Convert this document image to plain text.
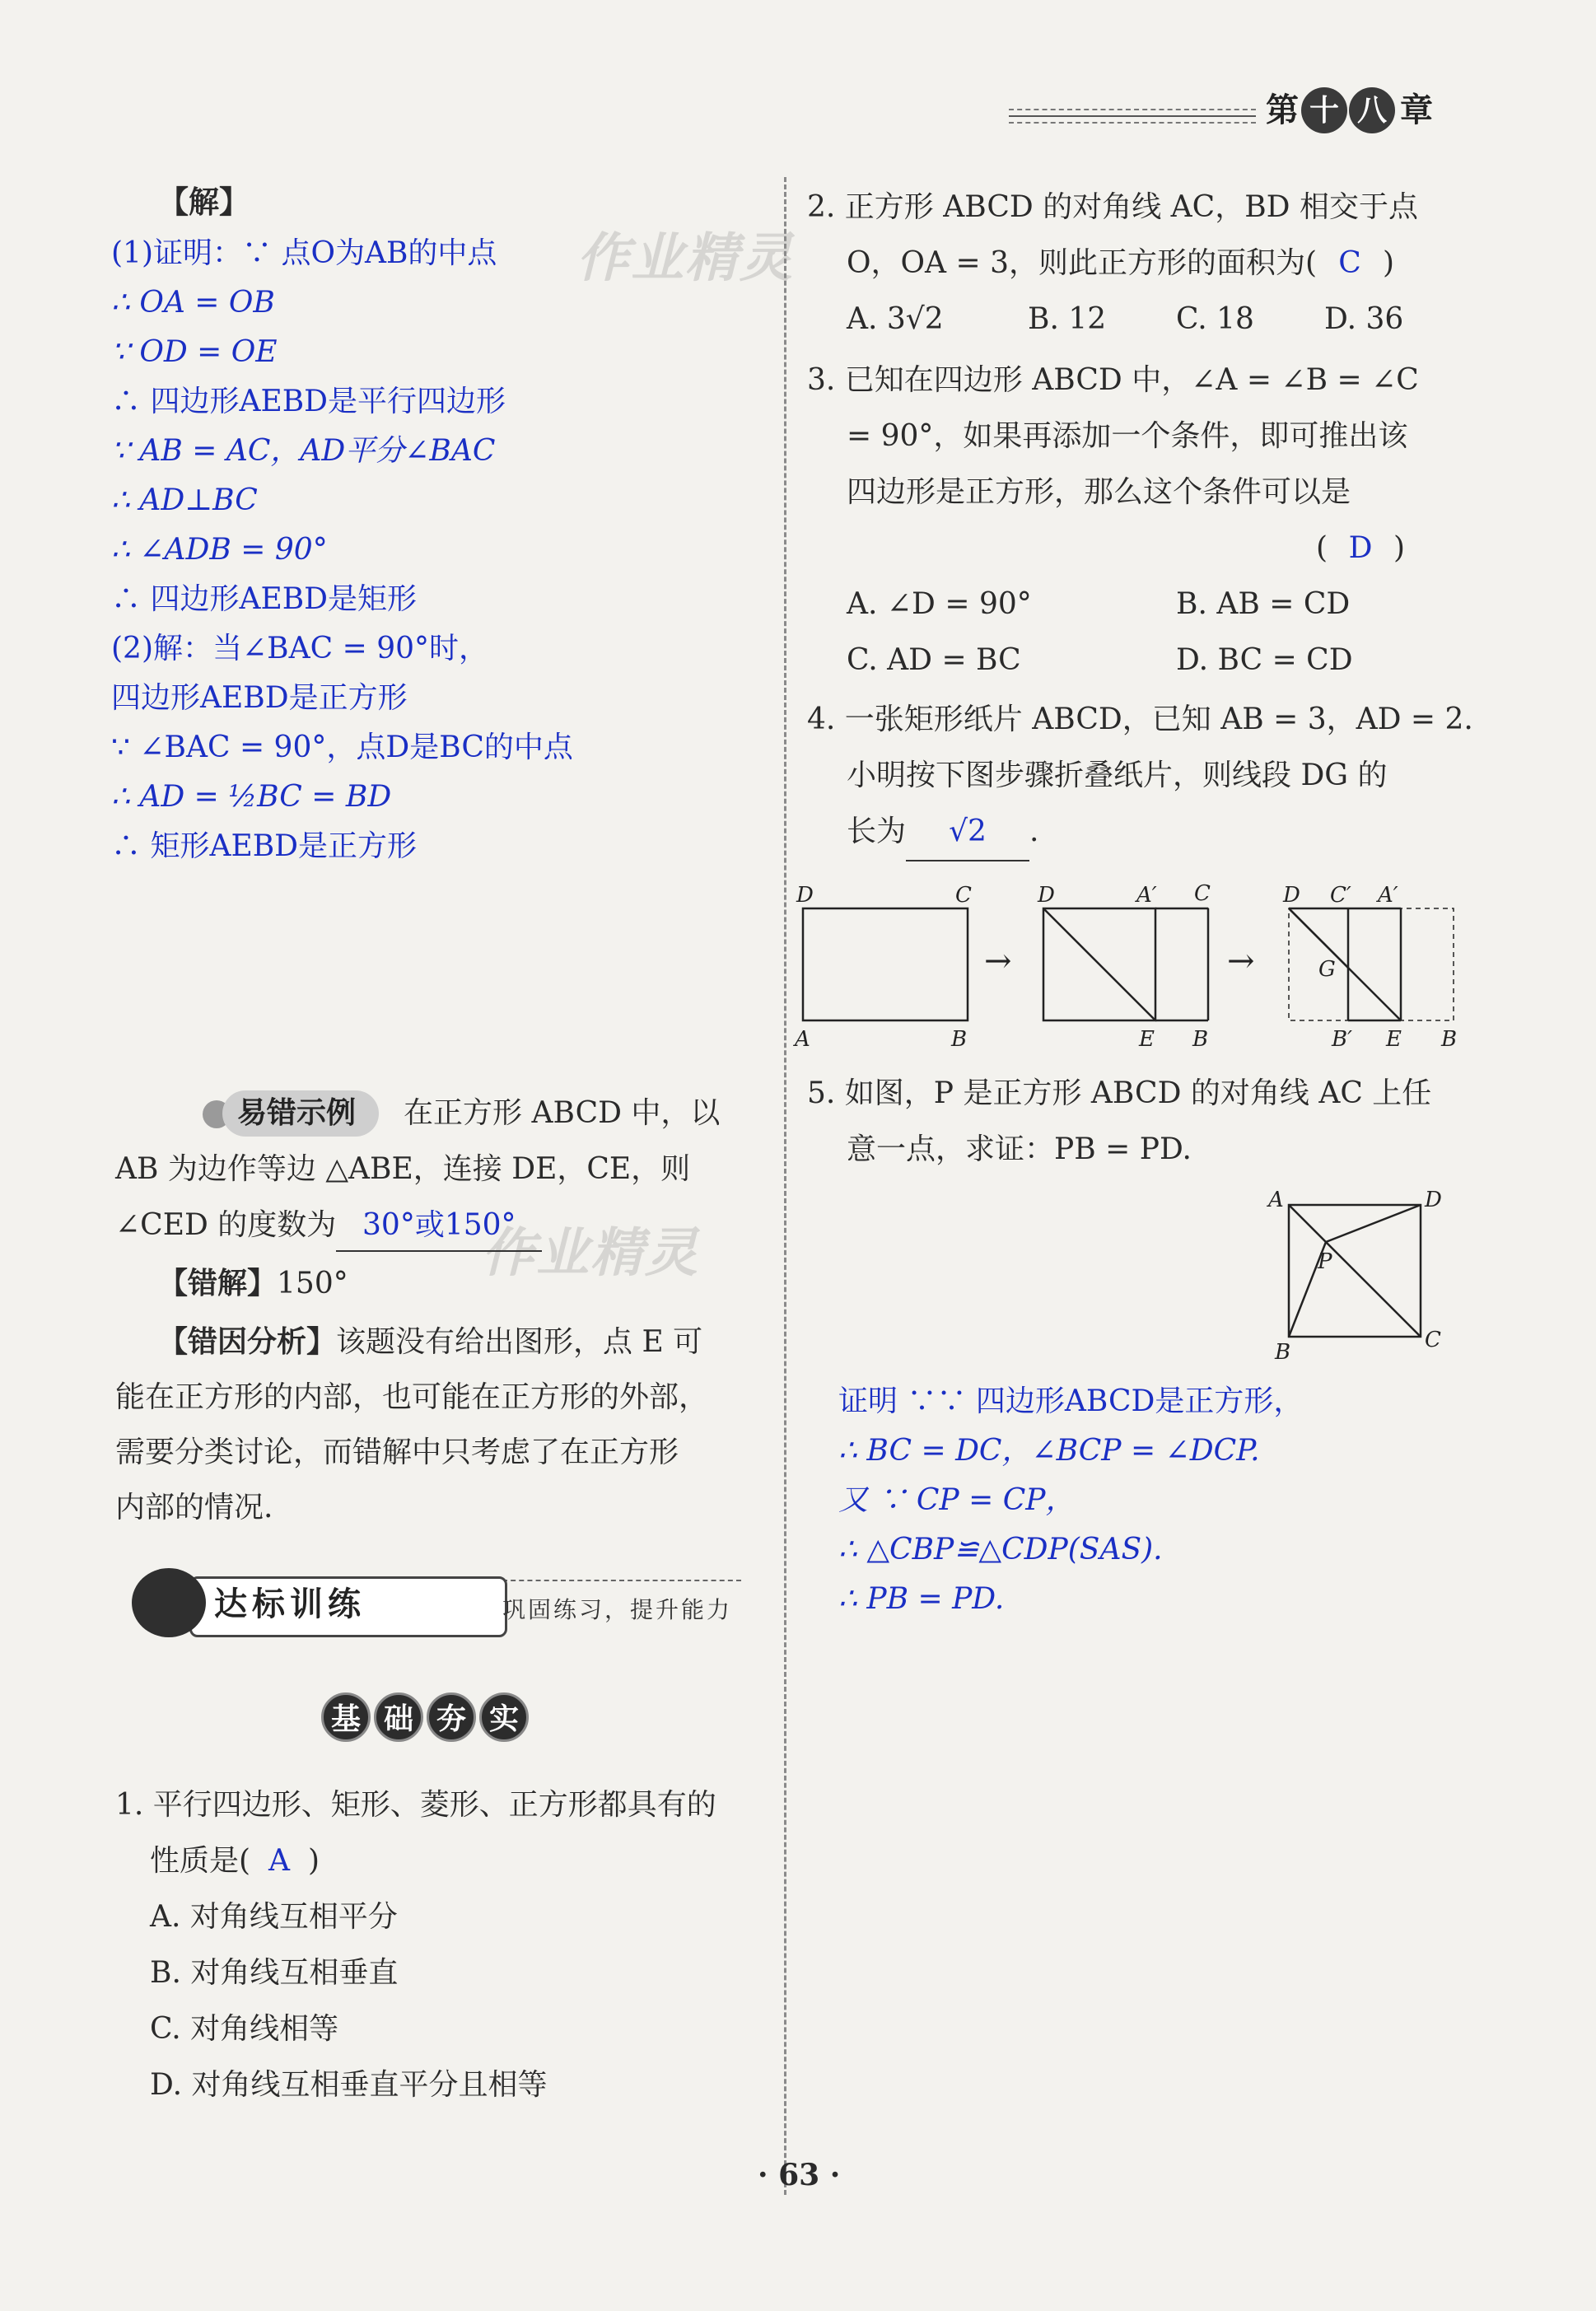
第 十 八 章
作业精灵
作业精灵
【解】
(1)证明：∵ 点O为AB的中点
∴ OA = OB
∵ OD = OE
∴ 四边形AEBD是平行四边形
∵ AB = AC，AD平分∠BAC
∴ AD⊥BC
∴ ∠ADB = 90°
∴ 四边形AEBD是矩形
(2)解：当∠BAC = 90°时，
四边形AEBD是正方形
∵ ∠BAC = 90°，点D是BC的中点
∴ AD = ½BC = BD
∴ 矩形AEBD是正方形
易错示例 在正方形 ABCD 中，以
AB 为边作等边 △ABE，连接 DE，CE，则
∠CED 的度数为 30°或150°
【错解】150°
【错因分析】该题没有给出图形，点 E 可
能在正方形的内部，也可能在正方形的外部，
需要分类讨论，而错解中只考虑了在正方形
内部的情况.
达标训练	巩固练习，提升能力
基 础 夯 实
1. 平行四边形、矩形、菱形、正方形都具有的
性质是( A )
A. 对角线互相平分
B. 对角线互相垂直
C. 对角线相等
D. 对角线互相垂直平分且相等
2. 正方形 ABCD 的对角线 AC，BD 相交于点
O，OA = 3，则此正方形的面积为( C )
A. 3√2	B. 12 C. 18 D. 36
3. 已知在四边形 ABCD 中，∠A = ∠B = ∠C
= 90°，如果再添加一个条件，即可推出该
四边形是正方形，那么这个条件可以是
( D )
A. ∠D = 90°	B. AB = CD
C. AD = BC	D. BC = CD
4. 一张矩形纸片 ABCD，已知 AB = 3，AD = 2.
小明按下图步骤折叠纸片，则线段 DG 的
长为 √2 .
D	C
A	B
→
D	A′ C
E B
→
D C′ A′
G
B′ E B
5. 如图，P 是正方形 ABCD 的对角线 AC 上任
意一点，求证：PB = PD.
A	D
P
B	C
证明 ∵∵ 四边形ABCD是正方形，
∴ BC = DC，∠BCP = ∠DCP.
又 ∵ CP = CP，
∴ △CBP≌△CDP(SAS).
∴ PB = PD.
· 63 ·
